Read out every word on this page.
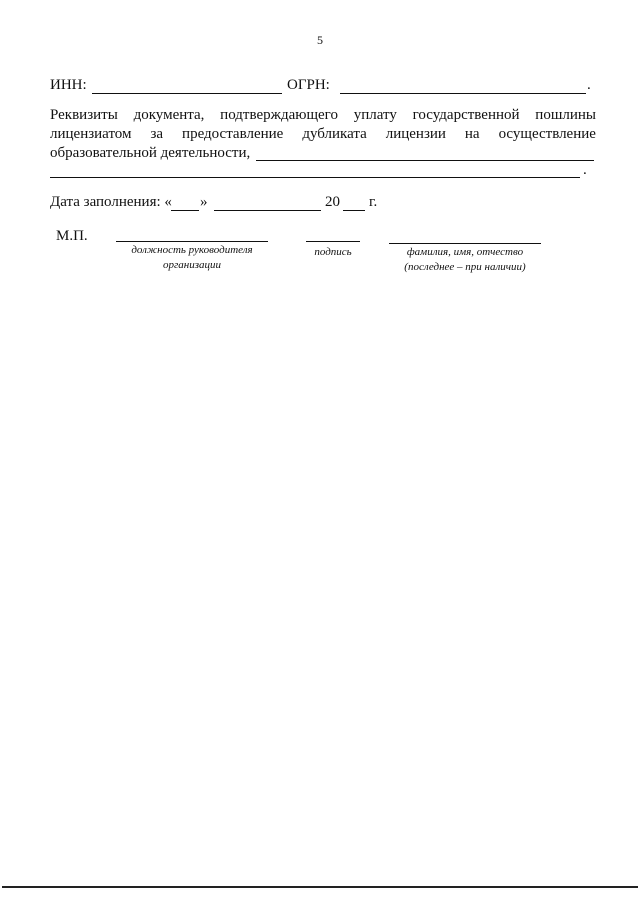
5
ИНН:	ОГРН:	.
Реквизиты документа, подтверждающего уплату государственной пошлины
лицензиатом за предоставление дубликата лицензии на осуществление
образовательной деятельности,
.
Дата заполнения: « »	20 г.
М.П.
должность руководителя
организации
подпись	фамилия, имя, отчество
(последнее – при наличии)
